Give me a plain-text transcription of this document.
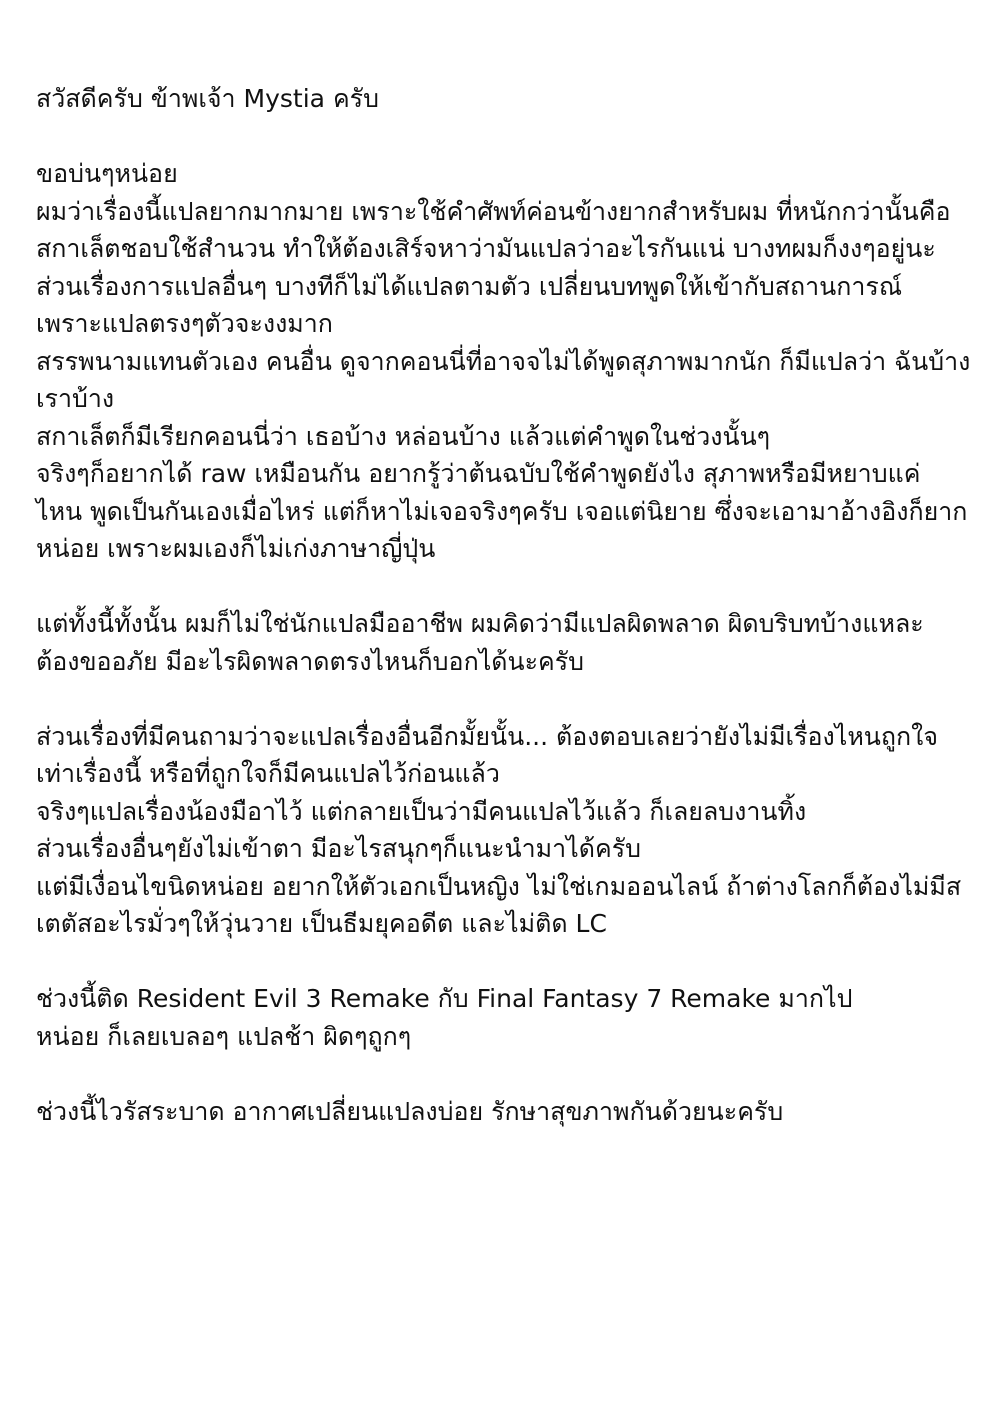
สวัสดีครับ ข้าพเจ้า Mystia ครับ

ขอบ่นๆหน่อย
ผมว่าเรื่องนี้แปลยากมากมาย เพราะใช้คำศัพท์ค่อนข้างยากสำหรับผม ที่หนักกว่านั้นคือ
สกาเล็ตชอบใช้สำนวน ทำให้ต้องเสิร์จหาว่ามันแปลว่าอะไรกันแน่ บางทผมก็งงๆอยู่นะ
ส่วนเรื่องการแปลอื่นๆ บางทีก็ไม่ได้แปลตามตัว เปลี่ยนบทพูดให้เข้ากับสถานการณ์
เพราะแปลตรงๆตัวจะงงมาก
สรรพนามแทนตัวเอง คนอื่น ดูจากคอนนี่ที่อาจจไม่ได้พูดสุภาพมากนัก ก็มีแปลว่า ฉันบ้าง
เราบ้าง
สกาเล็ตก็มีเรียกคอนนี่ว่า เธอบ้าง หล่อนบ้าง แล้วแต่คำพูดในช่วงนั้นๆ
จริงๆก็อยากได้ raw เหมือนกัน อยากรู้ว่าต้นฉบับใช้คำพูดยังไง สุภาพหรือมีหยาบแค่
ไหน พูดเป็นกันเองเมื่อไหร่ แต่ก็หาไม่เจอจริงๆครับ เจอแต่นิยาย ซึ่งจะเอามาอ้างอิงก็ยาก
หน่อย เพราะผมเองก็ไม่เก่งภาษาญี่ปุ่น

แต่ทั้งนี้ทั้งนั้น ผมก็ไม่ใช่นักแปลมืออาชีพ ผมคิดว่ามีแปลผิดพลาด ผิดบริบทบ้างแหละ
ต้องขออภัย มีอะไรผิดพลาดตรงไหนก็บอกได้นะครับ

ส่วนเรื่องที่มีคนถามว่าจะแปลเรื่องอื่นอีกมั้ยนั้น... ต้องตอบเลยว่ายังไม่มีเรื่องไหนถูกใจ
เท่าเรื่องนี้ หรือที่ถูกใจก็มีคนแปลไว้ก่อนแล้ว
จริงๆแปลเรื่องน้องมือาไว้ แต่กลายเป็นว่ามีคนแปลไว้แล้ว ก็เลยลบงานทิ้ง
ส่วนเรื่องอื่นๆยังไม่เข้าตา มีอะไรสนุกๆก็แนะนำมาได้ครับ
แต่มีเงื่อนไขนิดหน่อย อยากให้ตัวเอกเป็นหญิง ไม่ใช่เกมออนไลน์ ถ้าต่างโลกก็ต้องไม่มีส
เตตัสอะไรมั่วๆให้วุ่นวาย เป็นธีมยุคอดีต และไม่ติด LC

ช่วงนี้ติด Resident Evil 3 Remake กับ Final Fantasy 7 Remake มากไป
หน่อย ก็เลยเบลอๆ แปลช้า ผิดๆถูกๆ

ช่วงนี้ไวรัสระบาด อากาศเปลี่ยนแปลงบ่อย รักษาสุขภาพกันด้วยนะครับ
